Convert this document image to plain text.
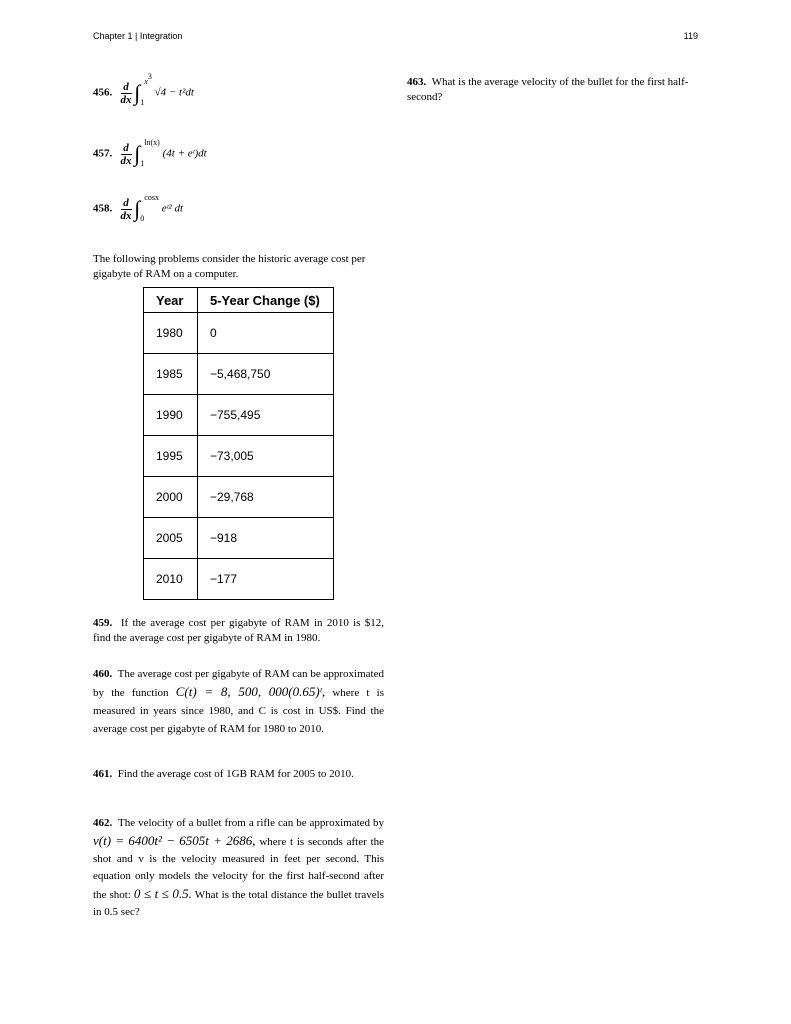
Chapter 1 | Integration	119
456. $\frac{d}{dx} \int_1^{x3}$ √4 − t²dt
457. $\frac{d}{dx} \int_1^{ln(x)}$ (4t + eᵗ)dt
458. $\frac{d}{dx} \int_0^{cosx}$ eᵗ² dt
The following problems consider the historic average cost per gigabyte of RAM on a computer.
Year	5-Year Change ($)
1980	0
1985	−5,468,750
1990	−755,495
1995	−73,005
2000	−29,768
2005	−918
2010	−177
459. If the average cost per gigabyte of RAM in 2010 is $12, find the average cost per gigabyte of RAM in 1980.
460. The average cost per gigabyte of RAM can be approximated by the function C(t) = 8, 500, 000(0.65)ᵗ, where t is measured in years since 1980, and C is cost in US$. Find the average cost per gigabyte of RAM for 1980 to 2010.
461. Find the average cost of 1GB RAM for 2005 to 2010.
462. The velocity of a bullet from a rifle can be approximated by v(t) = 6400t² − 6505t + 2686, where t is seconds after the shot and v is the velocity measured in feet per second. This equation only models the velocity for the first half-second after the shot: 0 ≤ t ≤ 0.5. What is the total distance the bullet travels in 0.5 sec?
463. What is the average velocity of the bullet for the first half-second?
